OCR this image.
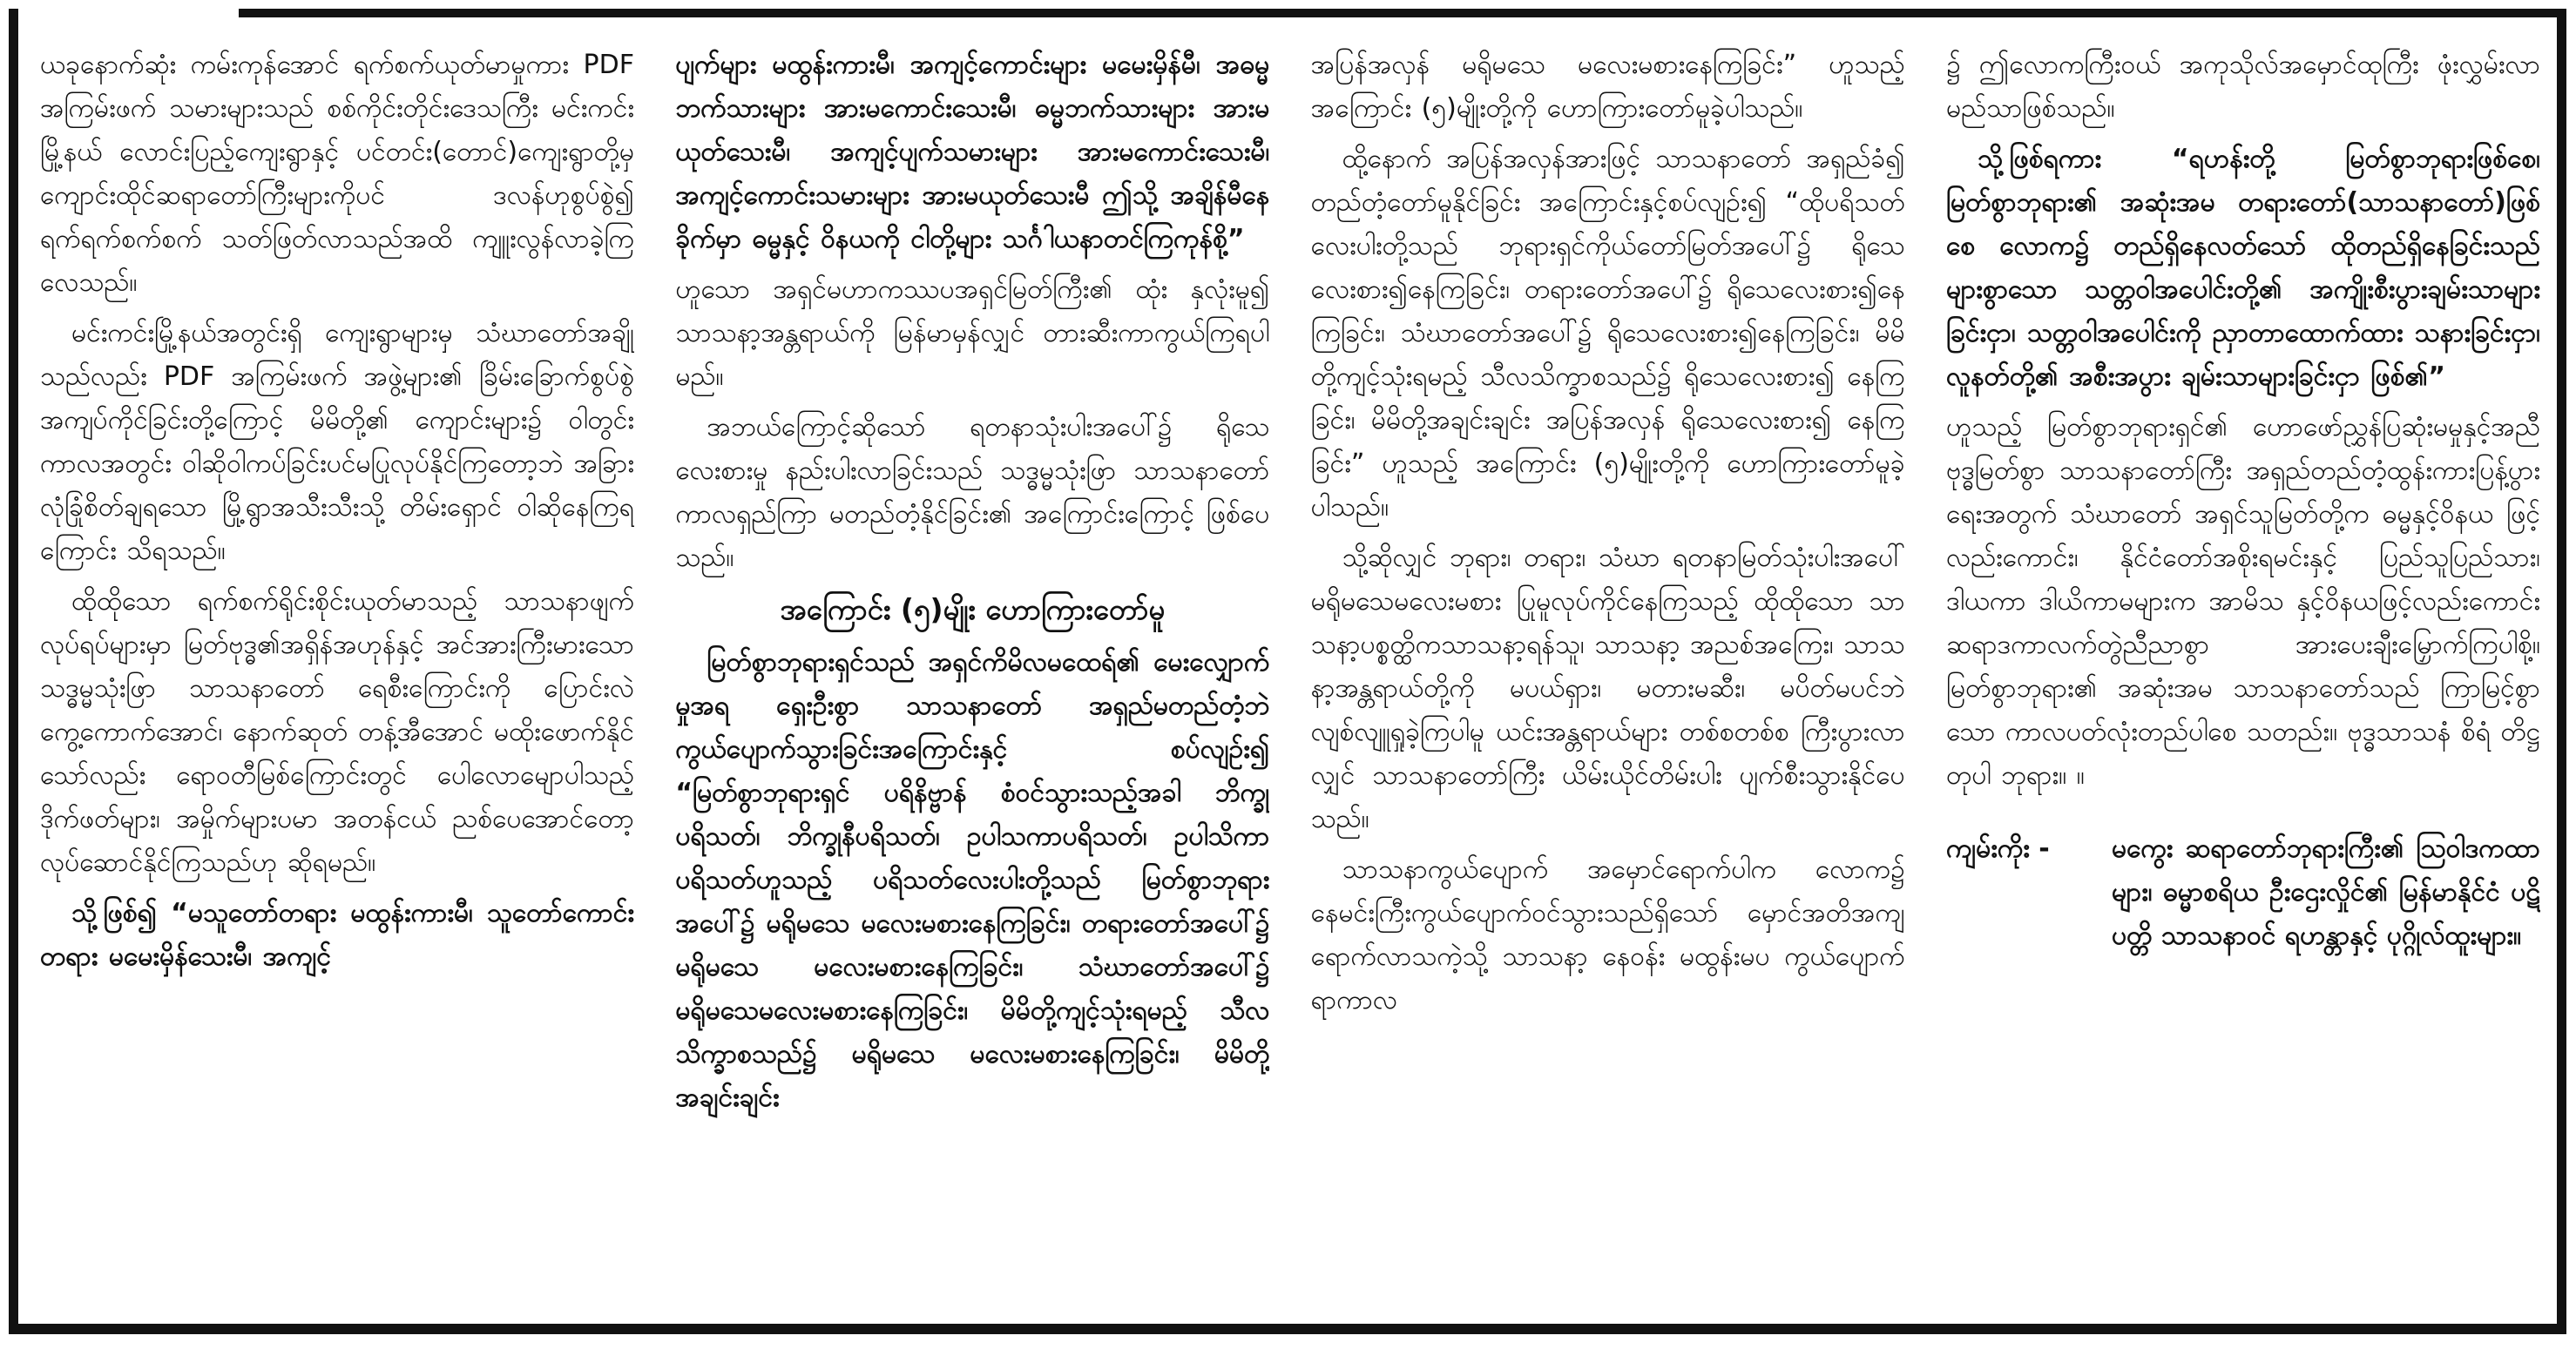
ယခုနောက်ဆုံး ကမ်းကုန်အောင် ရက်စက်ယုတ်မာမှုကား PDF အကြမ်းဖက် သမားများသည် စစ်ကိုင်းတိုင်းဒေသကြီး မင်းကင်းမြို့နယ် လောင်းပြည့်ကျေးရွာနှင့် ပင်တင်း(တောင်)ကျေးရွာတို့မှ ကျောင်းထိုင်ဆရာတော်ကြီးများကိုပင် ဒလန်ဟုစွပ်စွဲ၍ ရက်ရက်စက်စက် သတ်ဖြတ်လာသည်အထိ ကျူးလွန်လာခဲ့ကြလေသည်။

မင်းကင်းမြို့နယ်အတွင်းရှိ ကျေးရွာများမှ သံဃာတော်အချို့သည်လည်း PDF အကြမ်းဖက် အဖွဲ့များ၏ ခြိမ်းခြောက်စွပ်စွဲ အကျပ်ကိုင်ခြင်းတို့ကြောင့် မိမိတို့၏ ကျောင်းများ၌ ဝါတွင်းကာလအတွင်း ဝါဆိုဝါကပ်ခြင်းပင်မပြုလုပ်နိုင်ကြတော့ဘဲ အခြားလုံခြုံစိတ်ချရသော မြို့ရွာအသီးသီးသို့ တိမ်းရှောင် ဝါဆိုနေကြရကြောင်း သိရသည်။

ထိုထိုသော ရက်စက်ရိုင်းစိုင်းယုတ်မာသည့် သာသနာဖျက်လုပ်ရပ်များမှာ မြတ်ဗုဒ္ဓ၏အရှိန်အဟုန်နှင့် အင်အားကြီးမားသော သဒ္ဓမ္မသုံးဖြာ သာသနာတော် ရေစီးကြောင်းကို ပြောင်းလဲကွေ့ကောက်အောင်၊ နောက်ဆုတ် တန့်အီအောင် မထိုးဖောက်နိုင်သော်လည်း ရောဝတီမြစ်ကြောင်းတွင် ပေါလောမျောပါသည့် ဒိုက်ဖတ်များ၊ အမှိုက်များပမာ အတန်ငယ် ညစ်ပေအောင်တော့ လုပ်ဆောင်နိုင်ကြသည်ဟု ဆိုရမည်။

သို့ဖြစ်၍ “မသူတော်တရား မထွန်းကားမီ၊ သူတော်ကောင်းတရား မမေးမှိန်သေးမီ၊ အကျင့်

ပျက်များ မထွန်းကားမီ၊ အကျင့်ကောင်းများ မမေးမှိန်မီ၊ အဓမ္မဘက်သားများ အားမကောင်းသေးမီ၊ ဓမ္မဘက်သားများ အားမယုတ်သေးမီ၊ အကျင့်ပျက်သမားများ အားမကောင်းသေးမီ၊ အကျင့်ကောင်းသမားများ အားမယုတ်သေးမီ ဤသို့ အချိန်မီနေခိုက်မှာ ဓမ္မနှင့် ဝိနယကို ငါတို့များ သင်္ဂါယနာတင်ကြကုန်စို့”

ဟူသော အရှင်မဟာကဿပအရှင်မြတ်ကြီး၏ ထုံး နှလုံးမူ၍ သာသနာ့အန္တရာယ်ကို မြန်မာမှန်လျှင် တားဆီးကာကွယ်ကြရပါမည်။

အဘယ်ကြောင့်ဆိုသော် ရတနာသုံးပါးအပေါ်၌ ရိုသေလေးစားမှု နည်းပါးလာခြင်းသည် သဒ္ဓမ္မသုံးဖြာ သာသနာတော်ကာလရှည်ကြာ မတည်တံ့နိုင်ခြင်း၏ အကြောင်းကြောင့် ဖြစ်ပေသည်။

အကြောင်း (၅)မျိုး ဟောကြားတော်မူ

မြတ်စွာဘုရားရှင်သည် အရှင်ကိမိလမထေရ်၏ မေးလျှောက်မှုအရ ရှေးဦးစွာ သာသနာတော် အရှည်မတည်တံ့ဘဲ ကွယ်ပျောက်သွားခြင်းအကြောင်းနှင့် စပ်လျဉ်း၍ “မြတ်စွာဘုရားရှင် ပရိနိဗ္ဗာန် စံဝင်သွားသည့်အခါ ဘိက္ခုပရိသတ်၊ ဘိက္ခုနီပရိသတ်၊ ဥပါသကာပရိသတ်၊ ဥပါသိကာပရိသတ်ဟူသည့် ပရိသတ်လေးပါးတို့သည် မြတ်စွာဘုရားအပေါ်၌ မရိုမသေ မလေးမစားနေကြခြင်း၊ တရားတော်အပေါ်၌ မရိုမသေ မလေးမစားနေကြခြင်း၊ သံဃာတော်အပေါ်၌ မရိုမသေမလေးမစားနေကြခြင်း၊ မိမိတို့ကျင့်သုံးရမည့် သီလသိက္ခာစသည်၌ မရိုမသေ မလေးမစားနေကြခြင်း၊ မိမိတို့အချင်းချင်း

အပြန်အလှန် မရိုမသေ မလေးမစားနေကြခြင်း” ဟူသည့် အကြောင်း (၅)မျိုးတို့ကို ဟောကြားတော်မူခဲ့ပါသည်။

ထို့နောက် အပြန်အလှန်အားဖြင့် သာသနာတော် အရှည်ခံ၍ တည်တံ့တော်မူနိုင်ခြင်း အကြောင်းနှင့်စပ်လျဉ်း၍ “ထိုပရိသတ်လေးပါးတို့သည် ဘုရားရှင်ကိုယ်တော်မြတ်အပေါ်၌ ရိုသေလေးစား၍နေကြခြင်း၊ တရားတော်အပေါ်၌ ရိုသေလေးစား၍နေကြခြင်း၊ သံဃာတော်အပေါ်၌ ရိုသေလေးစား၍နေကြခြင်း၊ မိမိတို့ကျင့်သုံးရမည့် သီလသိက္ခာစသည်၌ ရိုသေလေးစား၍ နေကြခြင်း၊ မိမိတို့အချင်းချင်း အပြန်အလှန် ရိုသေလေးစား၍ နေကြခြင်း” ဟူသည့် အကြောင်း (၅)မျိုးတို့ကို ဟောကြားတော်မူခဲ့ပါသည်။

သို့ဆိုလျှင် ဘုရား၊ တရား၊ သံဃာ ရတနာမြတ်သုံးပါးအပေါ် မရိုမသေမလေးမစား ပြုမူလုပ်ကိုင်နေကြသည့် ထိုထိုသော သာသနာ့ပစ္စတ္ထိကသာသနာ့ရန်သူ၊ သာသနာ့ အညစ်အကြေး၊ သာသနာ့အန္တရာယ်တို့ကို မပယ်ရှား၊ မတားမဆီး၊ မပိတ်မပင်ဘဲ လျစ်လျူရှုခဲ့ကြပါမူ ယင်းအန္တရာယ်များ တစ်စတစ်စ ကြီးပွားလာလျှင် သာသနာတော်ကြီး ယိမ်းယိုင်တိမ်းပါး ပျက်စီးသွားနိုင်ပေသည်။

သာသနာကွယ်ပျောက် အမှောင်ရောက်ပါက လောက၌ နေမင်းကြီးကွယ်ပျောက်ဝင်သွားသည်ရှိသော် မှောင်အတိအကျရောက်လာသကဲ့သို့ သာသနာ့ နေဝန်း မထွန်းမပ ကွယ်ပျောက်ရာကာလ

၌ ဤလောကကြီးဝယ် အကုသိုလ်အမှောင်ထုကြီး ဖုံးလွှမ်းလာမည်သာဖြစ်သည်။

သို့ဖြစ်ရကား “ရဟန်းတို့ မြတ်စွာဘုရားဖြစ်စေ၊ မြတ်စွာဘုရား၏ အဆုံးအမ တရားတော်(သာသနာတော်)ဖြစ်စေ လောက၌ တည်ရှိနေလတ်သော် ထိုတည်ရှိနေခြင်းသည် များစွာသော သတ္တဝါအပေါင်းတို့၏ အကျိုးစီးပွားချမ်းသာများခြင်းငှာ၊ သတ္တဝါအပေါင်းကို ညှာတာထောက်ထား သနားခြင်းငှာ၊ လူနတ်တို့၏ အစီးအပွား ချမ်းသာများခြင်းငှာ ဖြစ်၏”

ဟူသည့် မြတ်စွာဘုရားရှင်၏ ဟောဖော်ညွှန်ပြဆုံးမမှုနှင့်အညီ ဗုဒ္ဓမြတ်စွာ သာသနာတော်ကြီး အရှည်တည်တံ့ထွန်းကားပြန့်ပွားရေးအတွက် သံဃာတော် အရှင်သူမြတ်တို့က ဓမ္မနှင့်ဝိနယ ဖြင့်လည်းကောင်း၊ နိုင်ငံတော်အစိုးရမင်းနှင့် ပြည်သူပြည်သား၊ ဒါယကာ ဒါယိကာမများက အာမိသ နှင့်ဝိနယဖြင့်လည်းကောင်း ဆရာဒကာလက်တွဲညီညာစွာ အားပေးချီးမြှောက်ကြပါစို့။ မြတ်စွာဘုရား၏ အဆုံးအမ သာသနာတော်သည် ကြာမြင့်စွာသော ကာလပတ်လုံးတည်ပါစေ သတည်း။ ဗုဒ္ဓသာသနံ စိရံ တိဋ္ဌတုပါ ဘုရား။ ။

ကျမ်းကိုး -	မကွေး ဆရာတော်ဘုရားကြီး၏ ဩဝါဒကထာများ၊ ဓမ္မာစရိယ ဦးဌေးလှိုင်၏ မြန်မာနိုင်ငံ ပဋိပတ္တိ သာသနာဝင် ရဟန္တာနှင့် ပုဂ္ဂိုလ်ထူးများ။
